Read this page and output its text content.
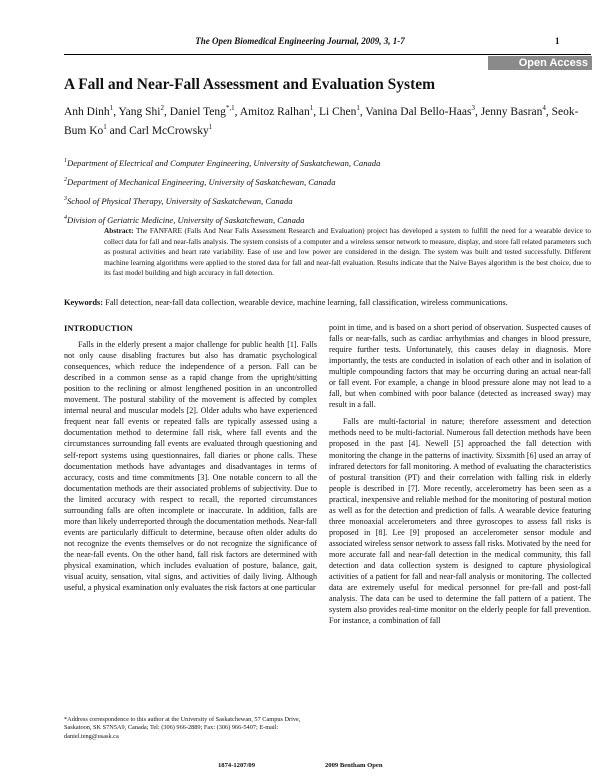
The Open Biomedical Engineering Journal, 2009, 3, 1-7	1
Open Access
A Fall and Near-Fall Assessment and Evaluation System
Anh Dinh$^1$, Yang Shi$^2$, Daniel Teng$^{*,1}$, Amitoz Ralhan$^1$, Li Chen$^1$, Vanina Dal Bello-Haas$^3$, Jenny Basran$^4$, Seok-Bum Ko$^1$ and Carl McCrowsky$^1$
$^1$Department of Electrical and Computer Engineering, University of Saskatchewan, Canada
$^2$Department of Mechanical Engineering, University of Saskatchewan, Canada
$^3$School of Physical Therapy, University of Saskatchewan, Canada
$^4$Division of Geriatric Medicine, University of Saskatchewan, Canada
Abstract: The FANFARE (Falls And Near Falls Assessment Research and Evaluation) project has developed a system to fulfill the need for a wearable device to collect data for fall and near-falls analysis. The system consists of a computer and a wireless sensor network to measure, display, and store fall related parameters such as postural activities and heart rate variability. Ease of use and low power are considered in the design. The system was built and tested successfully. Different machine learning algorithms were applied to the stored data for fall and near-fall evaluation. Results indicate that the Naive Bayes algorithm is the best choice, due to its fast model building and high accuracy in fall detection.
Keywords: Fall detection, near-fall data collection, wearable device, machine learning, fall classification, wireless communications.

INTRODUCTION

Falls in the elderly present a major challenge for public health [1]. Falls not only cause disabling fractures but also has dramatic psychological consequences, which reduce the independence of a person. Fall can be described in a common sense as a rapid change from the upright/sitting position to the reclining or almost lengthened position in an uncontrolled movement. The postural stability of the movement is affected by complex internal neural and muscular models [2]. Older adults who have experienced frequent near fall events or repeated falls are typically assessed using a documentation method to determine fall risk, where fall events and the circumstances surrounding fall events are evaluated through questioning and self-report systems using questionnaires, fall diaries or phone calls. These documentation methods have advantages and disadvantages in terms of accuracy, costs and time commitments [3]. One notable concern to all the documentation methods are their associated problems of subjectivity. Due to the limited accuracy with respect to recall, the reported circumstances surrounding falls are often incomplete or inaccurate. In addition, falls are more than likely underreported through the documentation methods. Near-fall events are particularly difficult to determine, because often older adults do not recognize the events themselves or do not recognize the significance of the near-fall events. On the other hand, fall risk factors are determined with physical examination, which includes evaluation of posture, balance, gait, visual acuity, sensation, vital signs, and activities of daily living. Although useful, a physical examination only evaluates the risk factors at one particular

point in time, and is based on a short period of observation. Suspected causes of falls or near-falls, such as cardiac arrhythmias and changes in blood pressure, require further tests. Unfortunately, this causes delay in diagnosis. More importantly, the tests are conducted in isolation of each other and in isolation of multiple compounding factors that may be occurring during an actual near-fall or fall event. For example, a change in blood pressure alone may not lead to a fall, but when combined with poor balance (detected as increased sway) may result in a fall.

Falls are multi-factorial in nature; therefore assessment and detection methods need to be multi-factorial. Numerous fall detection methods have been proposed in the past [4]. Newell [5] approached the fall detection with monitoring the change in the patterns of inactivity. Sixsmith [6] used an array of infrared detectors for fall monitoring. A method of evaluating the characteristics of postural transition (PT) and their correlation with falling risk in elderly people is described in [7]. More recently, accelerometry has been seen as a practical, inexpensive and reliable method for the monitoring of postural motion as well as for the detection and prediction of falls. A wearable device featuring three monoaxial accelerometers and three gyroscopes to assess fall risks is proposed in [8]. Lee [9] proposed an accelerometer sensor module and associated wireless sensor network to assess fall risks. Motivated by the need for more accurate fall and near-fall detection in the medical community, this fall detection and data collection system is designed to capture physiological activities of a patient for fall and near-fall analysis or monitoring. The collected data are extremely useful for medical personnel for pre-fall and post-fall analysis. The data can be used to determine the fall pattern of a patient. The system also provides real-time monitor on the elderly people for fall prevention. For instance, a combination of fall

*Address correspondence to this author at the University of Saskatchewan, 57 Campus Drive, Saskatoon, SK S7N5A9, Canada; Tel: (306) 966-2889; Fax: (306) 966-5407; E-mail: daniel.teng@usask.ca
1874-1207/09	2009 Bentham Open
